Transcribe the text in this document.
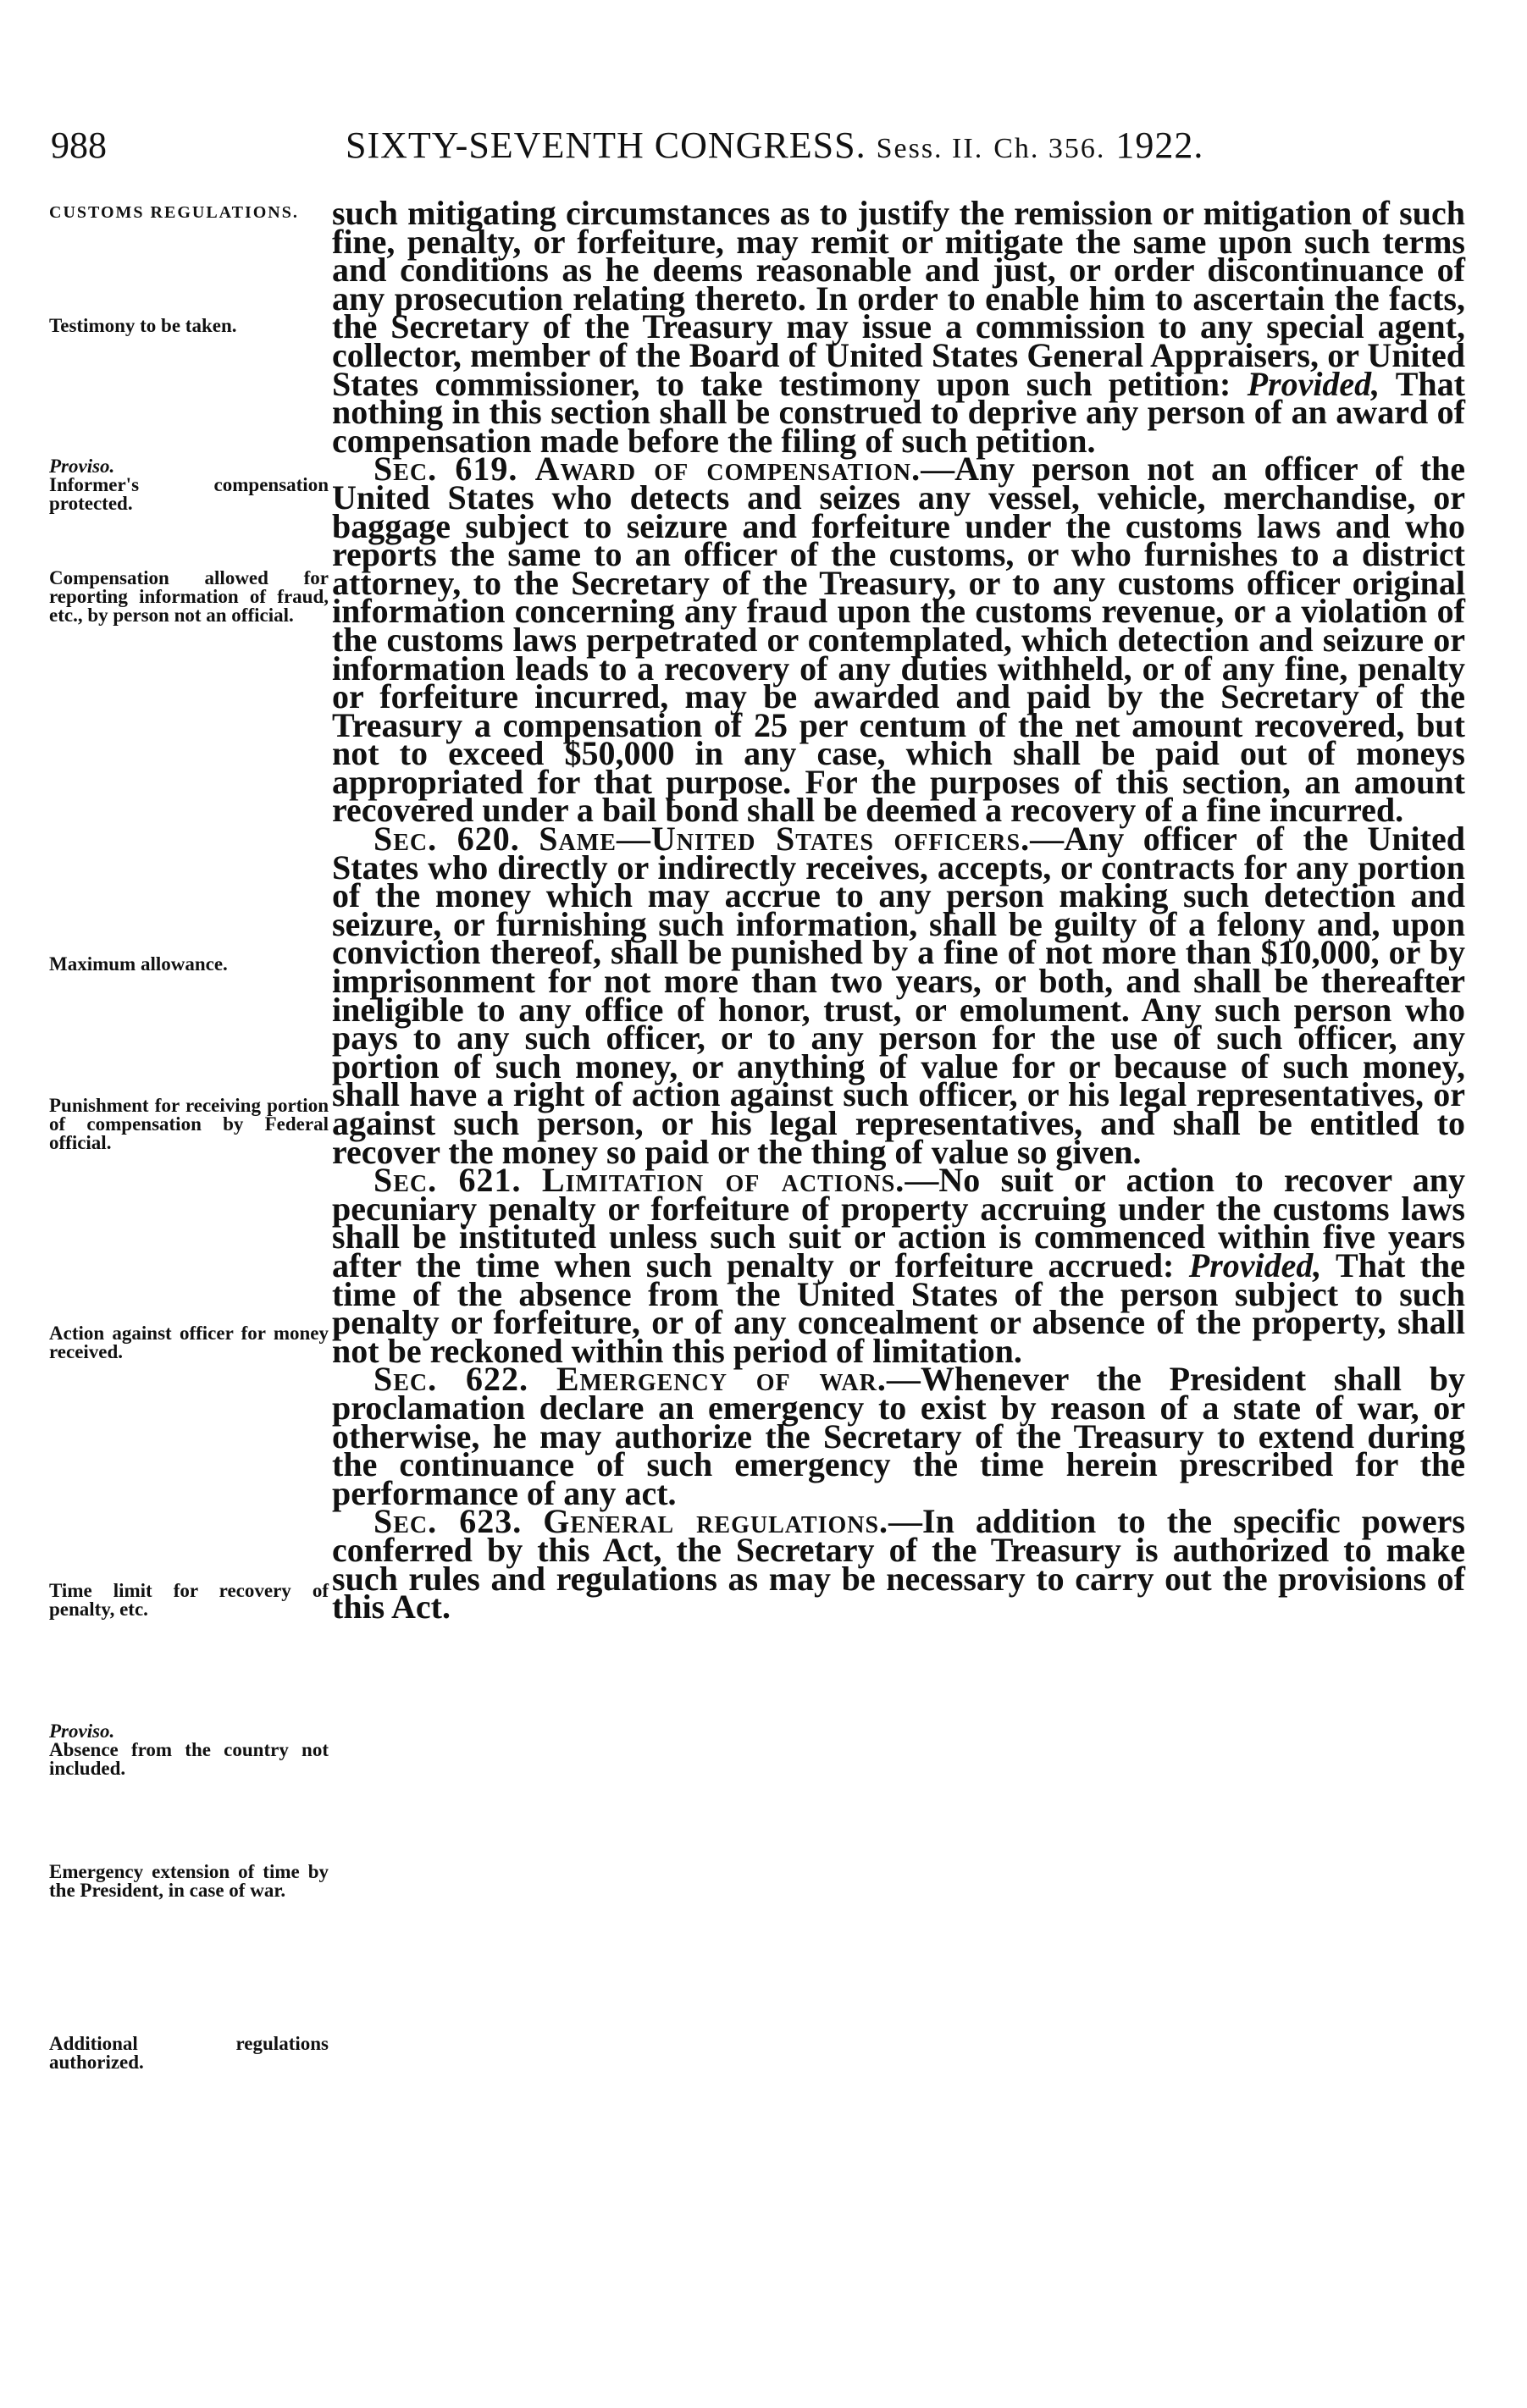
988	SIXTY-SEVENTH CONGRESS. Sess. II. Ch. 356. 1922.
CUSTOMS REGULATIONS.
Testimony to be taken.
Proviso.
Informer's compensation protected.
Compensation allowed for reporting information of fraud, etc., by person not an official.
Maximum allowance.
Punishment for receiving portion of compensation by Federal official.
Action against officer for money received.
Time limit for recovery of penalty, etc.
Proviso.
Absence from the country not included.
Emergency extension of time by the President, in case of war.
Additional regulations authorized.

such mitigating circumstances as to justify the remission or mitigation of such fine, penalty, or forfeiture, may remit or mitigate the same upon such terms and conditions as he deems reasonable and just, or order discontinuance of any prosecution relating thereto. In order to enable him to ascertain the facts, the Secretary of the Treasury may issue a commission to any special agent, collector, member of the Board of United States General Appraisers, or United States commissioner, to take testimony upon such petition: Provided, That nothing in this section shall be construed to deprive any person of an award of compensation made before the filing of such petition.

Sec. 619. Award of compensation.—Any person not an officer of the United States who detects and seizes any vessel, vehicle, merchandise, or baggage subject to seizure and forfeiture under the customs laws and who reports the same to an officer of the customs, or who furnishes to a district attorney, to the Secretary of the Treasury, or to any customs officer original information concerning any fraud upon the customs revenue, or a violation of the customs laws perpetrated or contemplated, which detection and seizure or information leads to a recovery of any duties withheld, or of any fine, penalty or forfeiture incurred, may be awarded and paid by the Secretary of the Treasury a compensation of 25 per centum of the net amount recovered, but not to exceed $50,000 in any case, which shall be paid out of moneys appropriated for that purpose. For the purposes of this section, an amount recovered under a bail bond shall be deemed a recovery of a fine incurred.

Sec. 620. Same—United States officers.—Any officer of the United States who directly or indirectly receives, accepts, or contracts for any portion of the money which may accrue to any person making such detection and seizure, or furnishing such information, shall be guilty of a felony and, upon conviction thereof, shall be punished by a fine of not more than $10,000, or by imprisonment for not more than two years, or both, and shall be thereafter ineligible to any office of honor, trust, or emolument. Any such person who pays to any such officer, or to any person for the use of such officer, any portion of such money, or anything of value for or because of such money, shall have a right of action against such officer, or his legal representatives, or against such person, or his legal representatives, and shall be entitled to recover the money so paid or the thing of value so given.

Sec. 621. Limitation of actions.—No suit or action to recover any pecuniary penalty or forfeiture of property accruing under the customs laws shall be instituted unless such suit or action is commenced within five years after the time when such penalty or forfeiture accrued: Provided, That the time of the absence from the United States of the person subject to such penalty or forfeiture, or of any concealment or absence of the property, shall not be reckoned within this period of limitation.

Sec. 622. Emergency of war.—Whenever the President shall by proclamation declare an emergency to exist by reason of a state of war, or otherwise, he may authorize the Secretary of the Treasury to extend during the continuance of such emergency the time herein prescribed for the performance of any act.

Sec. 623. General regulations.—In addition to the specific powers conferred by this Act, the Secretary of the Treasury is authorized to make such rules and regulations as may be necessary to carry out the provisions of this Act.
